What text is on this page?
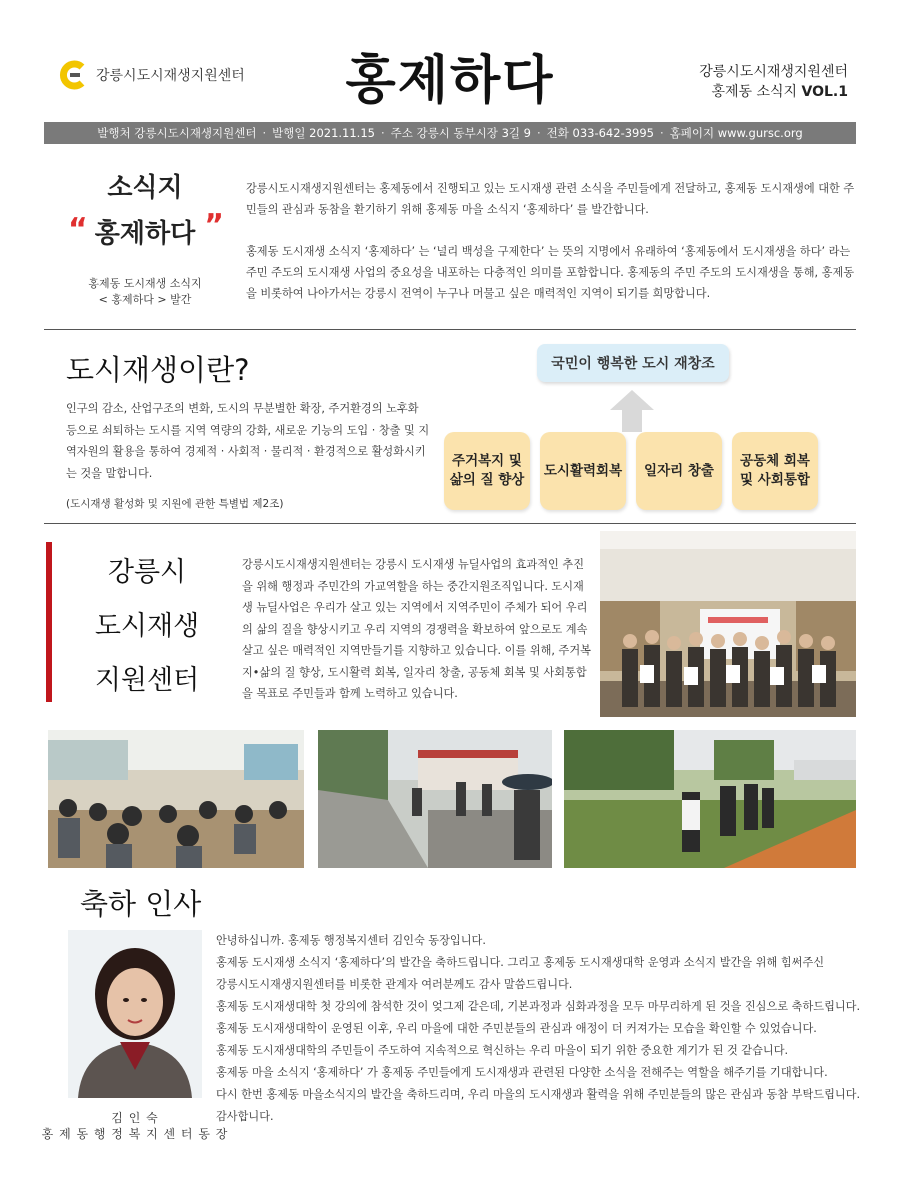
강릉시도시재생지원센터 홍제하다	강릉시도시재생지원센터
홍제동 소식지 VOL.1
발행처 강릉시도시재생지원센터 · 발행일 2021.11.15 · 주소 강릉시 동부시장 3길 9 · 전화 033-642-3995 · 홈페이지 www.gursc.org
소식지
“ 홍제하다 ”
홍제동 도시재생 소식지
< 홍제하다 > 발간

강릉시도시재생지원센터는 홍제동에서 진행되고 있는 도시재생 관련 소식을 주민들에게 전달하고, 홍제동 도시재생에 대한 주민들의 관심과 동참을 환기하기 위해 홍제동 마을 소식지 ‘홍제하다’ 를 발간합니다.

홍제동 도시재생 소식지 ‘홍제하다’ 는 ‘널리 백성을 구제한다’ 는 뜻의 지명에서 유래하여 ‘홍제동에서 도시재생을 하다’ 라는 주민 주도의 도시재생 사업의 중요성을 내포하는 다층적인 의미를 포함합니다. 홍제동의 주민 주도의 도시재생을 통해, 홍제동을 비롯하여 나아가서는 강릉시 전역이 누구나 머물고 싶은 매력적인 지역이 되기를 희망합니다.

도시재생이란?
인구의 감소, 산업구조의 변화, 도시의 무분별한 확장, 주거환경의 노후화 등으로 쇠퇴하는 도시를 지역 역량의 강화, 새로운 기능의 도입 · 창출 및 지역자원의 활용을 통하여 경제적 · 사회적 · 물리적 · 환경적으로 활성화시키는 것을 말합니다.
(도시재생 활성화 및 지원에 관한 특별법 제2조)
국민이 행복한 도시 재창조
주거복지 및
삶의 질 향상
도시활력회복	일자리 창출
공동체 회복
및 사회통합
강릉시
도시재생
지원센터
강릉시도시재생지원센터는 강릉시 도시재생 뉴딜사업의 효과적인 추진을 위해 행정과 주민간의 가교역할을 하는 중간지원조직입니다. 도시재생 뉴딜사업은 우리가 살고 있는 지역에서 지역주민이 주체가 되어 우리의 삶의 질을 향상시키고 우리 지역의 경쟁력을 확보하여 앞으로도 계속 살고 싶은 매력적인 지역만들기를 지향하고 있습니다. 이를 위해, 주거복지•삶의 질 향상, 도시활력 회복, 일자리 창출, 공동체 회복 및 사회통합을 목표로 주민들과 함께 노력하고 있습니다.
축하 인사
김 인 숙
홍 제 동 행 정 복 지 센 터 동 장
안녕하십니까. 홍제동 행정복지센터 김인숙 동장입니다.
홍제동 도시재생 소식지 ‘홍제하다’의 발간을 축하드립니다. 그리고 홍제동 도시재생대학 운영과 소식지 발간을 위해 힘써주신
강릉시도시재생지원센터를 비롯한 관계자 여러분께도 감사 말씀드립니다.
홍제동 도시재생대학 첫 강의에 참석한 것이 엊그제 같은데, 기본과정과 심화과정을 모두 마무리하게 된 것을 진심으로 축하드립니다.
홍제동 도시재생대학이 운영된 이후, 우리 마을에 대한 주민분들의 관심과 애정이 더 커져가는 모습을 확인할 수 있었습니다.
홍제동 도시재생대학의 주민들이 주도하여 지속적으로 혁신하는 우리 마을이 되기 위한 중요한 계기가 된 것 같습니다.
홍제동 마을 소식지 ‘홍제하다’ 가 홍제동 주민들에게 도시재생과 관련된 다양한 소식을 전해주는 역할을 해주기를 기대합니다.
다시 한번 홍제동 마을소식지의 발간을 축하드리며, 우리 마을의 도시재생과 활력을 위해 주민분들의 많은 관심과 동참 부탁드립니다.
감사합니다.
